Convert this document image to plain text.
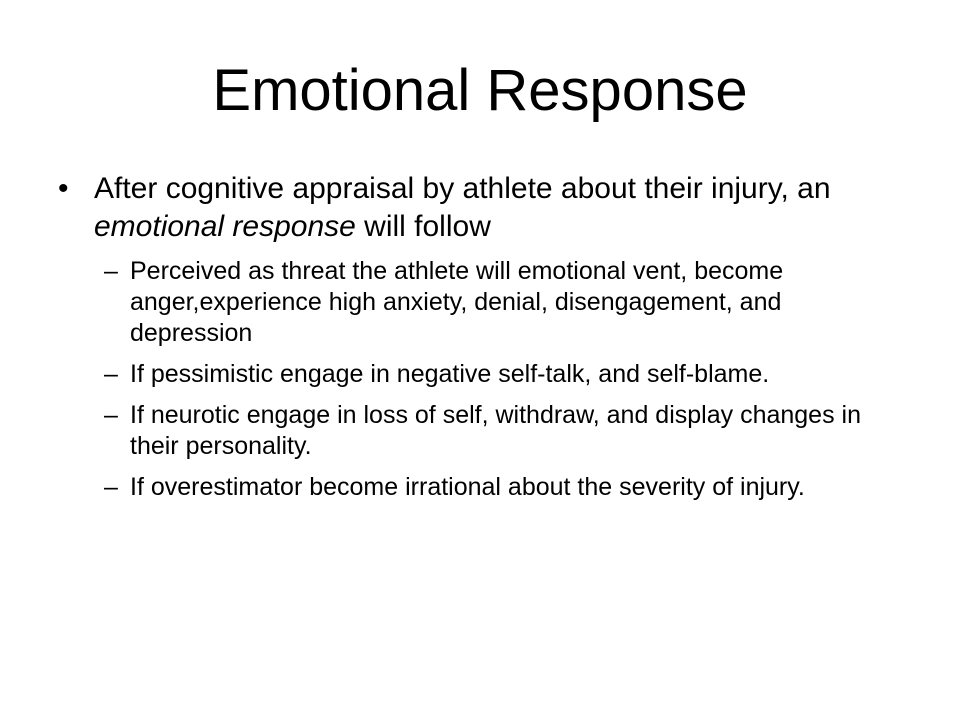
Emotional Response

• After cognitive appraisal by athlete about their injury, an emotional response will follow

– Perceived as threat the athlete will emotional vent, become anger,experience high anxiety, denial, disengagement, and depression
– If pessimistic engage in negative self-talk, and self-blame.
– If neurotic engage in loss of self, withdraw, and display changes in their personality.
– If overestimator become irrational about the severity of injury.
